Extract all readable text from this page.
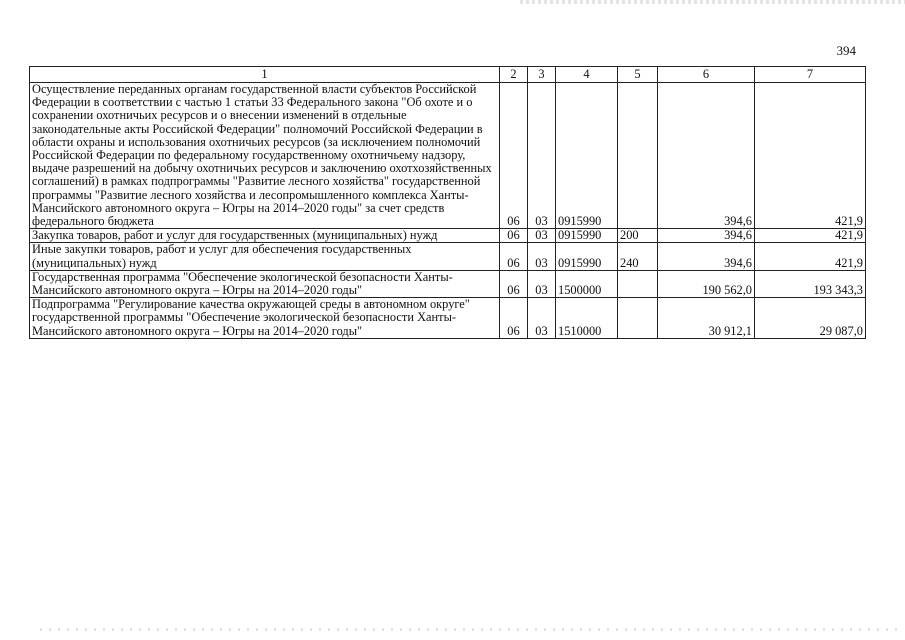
394
1	2	3	4	5	6	7
Осуществление переданных органам государственной власти субъектов Российской Федерации в соответствии с частью 1 статьи 33 Федерального закона "Об охоте и о сохранении охотничьих ресурсов и о внесении изменений в отдельные законодательные акты Российской Федерации" полномочий Российской Федерации в области охраны и использования охотничьих ресурсов (за исключением полномочий Российской Федерации по федеральному государственному охотничьему надзору, выдаче разрешений на добычу охотничьих ресурсов и заключению охотхозяйственных соглашений) в рамках подпрограммы "Развитие лесного хозяйства" государственной программы "Развитие лесного хозяйства и лесопромышленного комплекса Ханты-Мансийского автономного округа – Югры на 2014–2020 годы" за счет средств федерального бюджета	06	03	0915990		394,6	421,9
Закупка товаров, работ и услуг для государственных (муниципальных) нужд	06	03	0915990	200	394,6	421,9
Иные закупки товаров, работ и услуг для обеспечения государственных (муниципальных) нужд	06	03	0915990	240	394,6	421,9
Государственная программа "Обеспечение экологической безопасности Ханты-Мансийского автономного округа – Югры на 2014–2020 годы"	06	03	1500000		190 562,0	193 343,3
Подпрограмма "Регулирование качества окружающей среды в автономном округе" государственной программы "Обеспечение экологической безопасности Ханты-Мансийского автономного округа – Югры на 2014–2020 годы"	06	03	1510000		30 912,1	29 087,0
